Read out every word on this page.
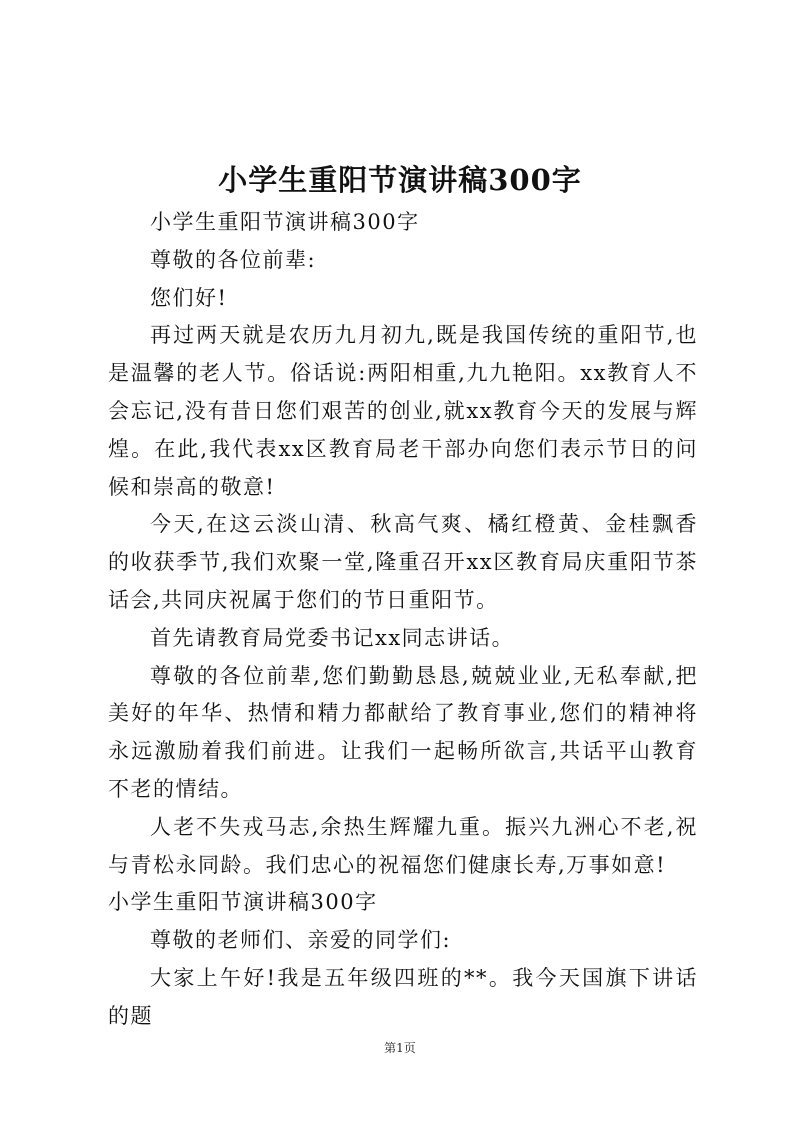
小学生重阳节演讲稿300字

小学生重阳节演讲稿300字

尊敬的各位前辈:

您们好!

再过两天就是农历九月初九,既是我国传统的重阳节,也是温馨的老人节。俗话说:两阳相重,九九艳阳。xx教育人不会忘记,没有昔日您们艰苦的创业,就xx教育今天的发展与辉煌。在此,我代表xx区教育局老干部办向您们表示节日的问候和崇高的敬意!

今天,在这云淡山清、秋高气爽、橘红橙黄、金桂飘香的收获季节,我们欢聚一堂,隆重召开xx区教育局庆重阳节茶话会,共同庆祝属于您们的节日重阳节。

首先请教育局党委书记xx同志讲话。

尊敬的各位前辈,您们勤勤恳恳,兢兢业业,无私奉献,把美好的年华、热情和精力都献给了教育事业,您们的精神将永远激励着我们前进。让我们一起畅所欲言,共话平山教育不老的情结。

人老不失戎马志,余热生辉耀九重。振兴九洲心不老,祝与青松永同龄。我们忠心的祝福您们健康长寿,万事如意!

小学生重阳节演讲稿300字

尊敬的老师们、亲爱的同学们:

大家上午好!我是五年级四班的**。我今天国旗下讲话的题

第1页
